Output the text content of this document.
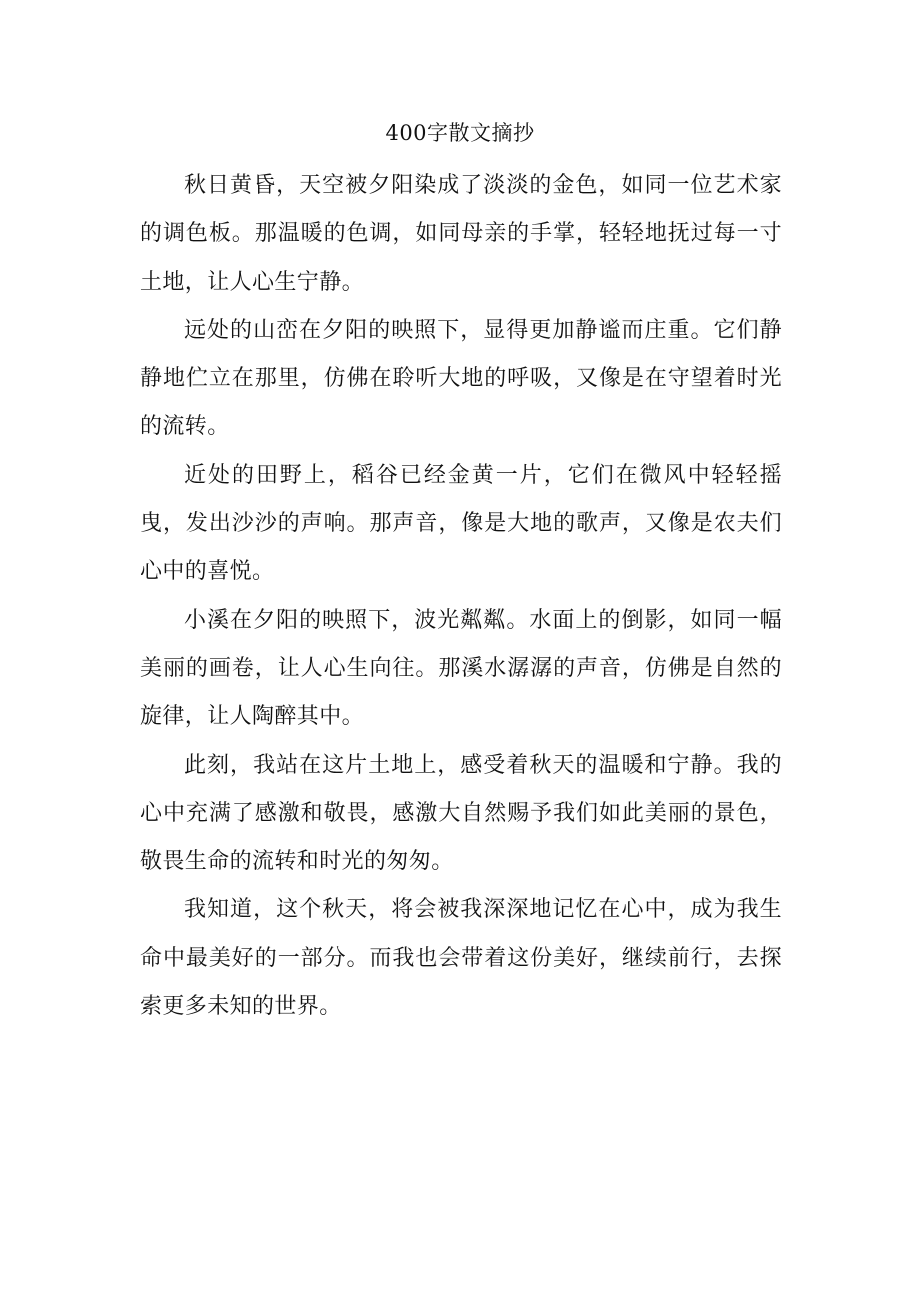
400字散文摘抄

秋日黄昏，天空被夕阳染成了淡淡的金色，如同一位艺术家的调色板。那温暖的色调，如同母亲的手掌，轻轻地抚过每一寸土地，让人心生宁静。

远处的山峦在夕阳的映照下，显得更加静谧而庄重。它们静静地伫立在那里，仿佛在聆听大地的呼吸，又像是在守望着时光的流转。

近处的田野上，稻谷已经金黄一片，它们在微风中轻轻摇曳，发出沙沙的声响。那声音，像是大地的歌声，又像是农夫们心中的喜悦。

小溪在夕阳的映照下，波光粼粼。水面上的倒影，如同一幅美丽的画卷，让人心生向往。那溪水潺潺的声音，仿佛是自然的旋律，让人陶醉其中。

此刻，我站在这片土地上，感受着秋天的温暖和宁静。我的心中充满了感激和敬畏，感激大自然赐予我们如此美丽的景色，敬畏生命的流转和时光的匆匆。

我知道，这个秋天，将会被我深深地记忆在心中，成为我生命中最美好的一部分。而我也会带着这份美好，继续前行，去探索更多未知的世界。
